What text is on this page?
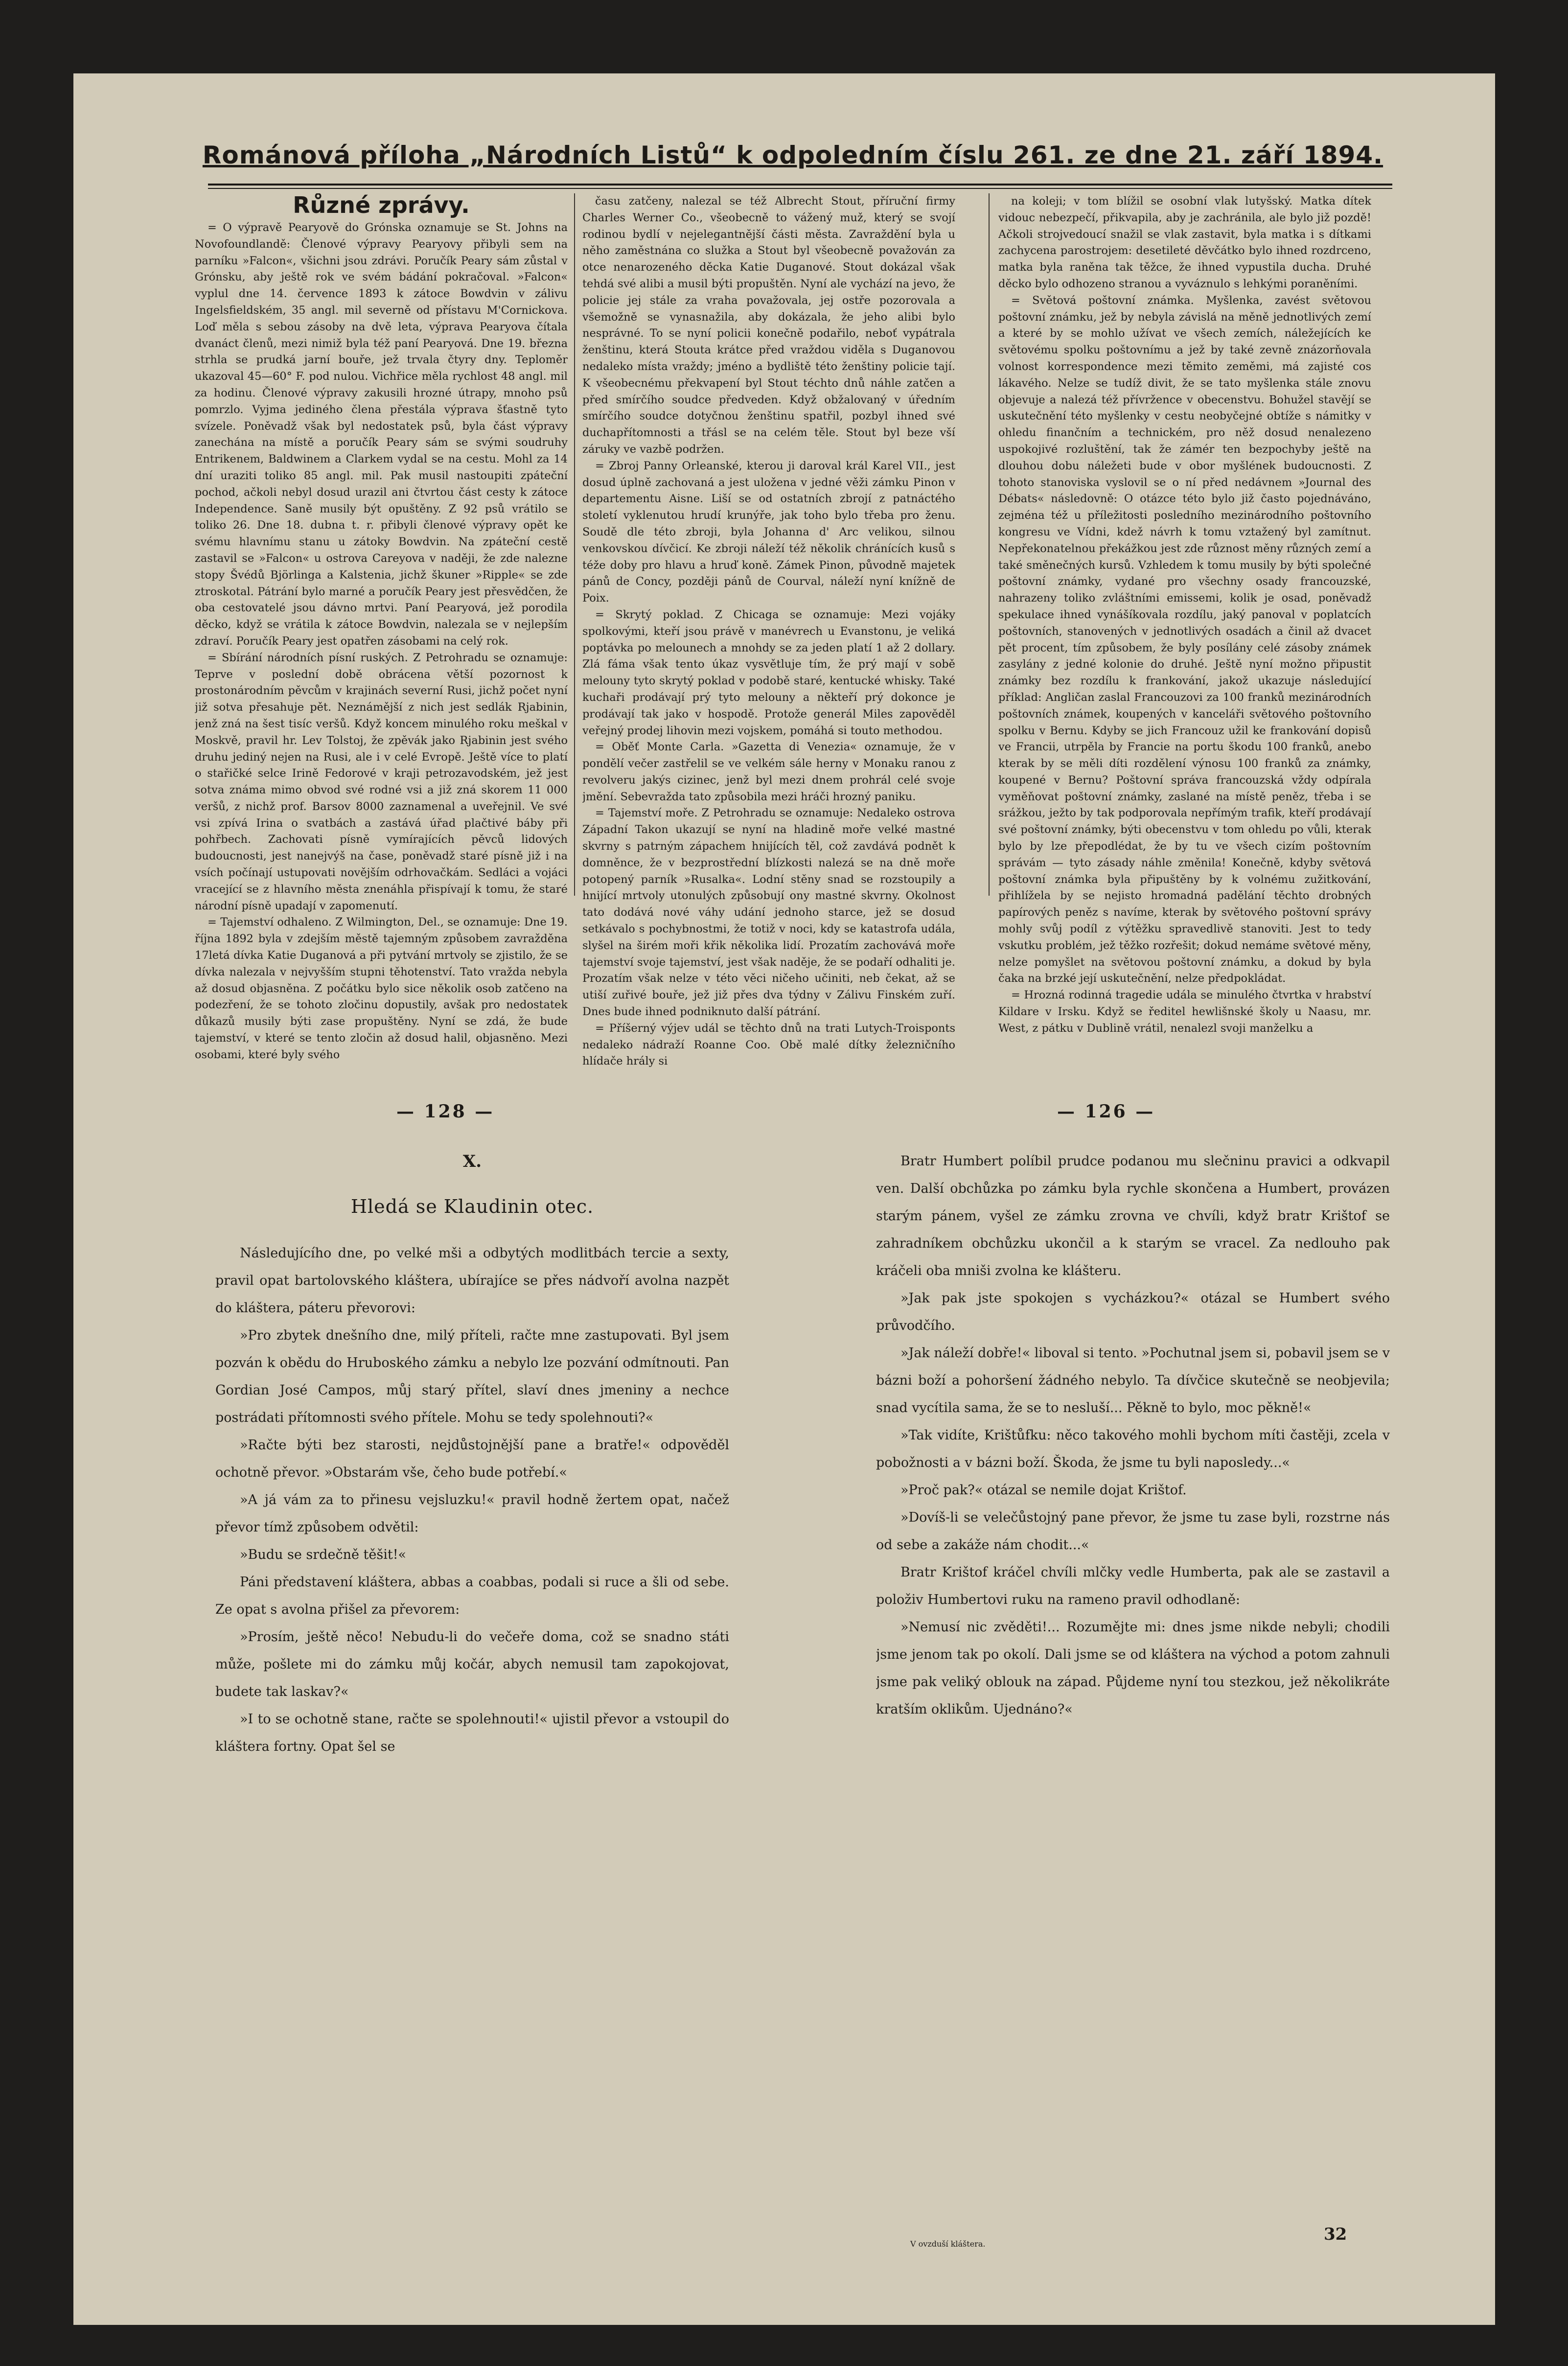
Románová příloha „Národních Listů“ k odpoledním číslu 261. ze dne 21. září 1894.
Různé zprávy.

= O výpravě Pearyově do Grónska oznamuje se St. Johns na Novofoundlandě: Členové výpravy Pearyovy přibyli sem na parníku »Falcon«, všichni jsou zdrávi. Poručík Peary sám zůstal v Grónsku, aby ještě rok ve svém bádání pokračoval. »Falcon« vyplul dne 14. července 1893 k zátoce Bowdvin v zálivu Ingelsfieldském, 35 angl. mil severně od přístavu M'Cornickova. Loď měla s sebou zásoby na dvě leta, výprava Pearyova čítala dvanáct členů, mezi nimiž byla též paní Pearyová. Dne 19. března strhla se prudká jarní bouře, jež trvala čtyry dny. Teploměr ukazoval 45—60° F. pod nulou. Vichřice měla rychlost 48 angl. mil za hodinu. Členové výpravy zakusili hrozné útrapy, mnoho psů pomrzlo. Vyjma jediného člena přestála výprava šťastně tyto svízele. Poněvadž však byl nedostatek psů, byla část výpravy zanechána na místě a poručík Peary sám se svými soudruhy Entrikenem, Baldwinem a Clarkem vydal se na cestu. Mohl za 14 dní uraziti toliko 85 angl. mil. Pak musil nastoupiti zpáteční pochod, ačkoli nebyl dosud urazil ani čtvrtou část cesty k zátoce Independence. Saně musily být opuštěny. Z 92 psů vrátilo se toliko 26. Dne 18. dubna t. r. přibyli členové výpravy opět ke svému hlavnímu stanu u zátoky Bowdvin. Na zpáteční cestě zastavil se »Falcon« u ostrova Careyova v naději, že zde nalezne stopy Švédů Björlinga a Kalstenia, jichž škuner »Ripple« se zde ztroskotal. Pátrání bylo marné a poručík Peary jest přesvědčen, že oba cestovatelé jsou dávno mrtvi. Paní Pearyová, jež porodila děcko, když se vrátila k zátoce Bowdvin, nalezala se v nejlepším zdraví. Poručík Peary jest opatřen zásobami na celý rok.

= Sbírání národních písní ruských. Z Petrohradu se oznamuje: Teprve v poslední době obrácena větší pozornost k prostonárodním pěvcům v krajinách severní Rusi, jichž počet nyní již sotva přesahuje pět. Neznámější z nich jest sedlák Rjabinin, jenž zná na šest tisíc veršů. Když koncem minulého roku meškal v Moskvě, pravil hr. Lev Tolstoj, že zpěvák jako Rjabinin jest svého druhu jediný nejen na Rusi, ale i v celé Evropě. Ještě více to platí o stařičké selce Irině Fedorové v kraji petrozavodském, jež jest sotva známa mimo obvod své rodné vsi a již zná skorem 11 000 veršů, z nichž prof. Barsov 8000 zaznamenal a uveřejnil. Ve své vsi zpívá Irina o svatbách a zastává úřad plačtivé báby při pohřbech. Zachovati písně vymírajících pěvců lidových budoucnosti, jest nanejvýš na čase, poněvadž staré písně již i na vsích počínají ustupovati novějším odrhovačkám. Sedláci a vojáci vracející se z hlavního města znenáhla přispívají k tomu, že staré národní písně upadají v zapomenutí.

= Tajemství odhaleno. Z Wilmington, Del., se oznamuje: Dne 19. října 1892 byla v zdejším městě tajemným způsobem zavražděna 17letá dívka Katie Duganová a při pytvání mrtvoly se zjistilo, že se dívka nalezala v nejvyšším stupni těhotenství. Tato vražda nebyla až dosud objasněna. Z počátku bylo sice několik osob zatčeno na podezření, že se tohoto zločinu dopustily, avšak pro nedostatek důkazů musily býti zase propuštěny. Nyní se zdá, že bude tajemství, v které se tento zločin až dosud halil, objasněno. Mezi osobami, které byly svého

času zatčeny, nalezal se též Albrecht Stout, příruční firmy Charles Werner Co., všeobecně to vážený muž, který se svojí rodinou bydlí v nejelegantnější části města. Zavraždění byla u něho zaměstnána co služka a Stout byl všeobecně považován za otce nenarozeného děcka Katie Duganové. Stout dokázal však tehdá své alibi a musil býti propuštěn. Nyní ale vychází na jevo, že policie jej stále za vraha považovala, jej ostře pozorovala a všemožně se vynasnažila, aby dokázala, že jeho alibi bylo nesprávné. To se nyní policii konečně podařilo, neboť vypátrala ženštinu, která Stouta krátce před vraždou viděla s Duganovou nedaleko místa vraždy; jméno a bydliště této ženštiny policie tají. K všeobecnému překvapení byl Stout téchto dnů náhle zatčen a před smírčího soudce předveden. Když obžalovaný v úředním smírčího soudce dotyčnou ženštinu spatřil, pozbyl ihned své duchapřítomnosti a třásl se na celém těle. Stout byl beze vší záruky ve vazbě podržen.

= Zbroj Panny Orleanské, kterou ji daroval král Karel VII., jest dosud úplně zachovaná a jest uložena v jedné věži zámku Pinon v departementu Aisne. Liší se od ostatních zbrojí z patnáctého století vyklenutou hrudí krunýře, jak toho bylo třeba pro ženu. Soudě dle této zbroji, byla Johanna d' Arc velikou, silnou venkovskou dívčicí. Ke zbroji náleží též několik chránících kusů s téže doby pro hlavu a hruď koně. Zámek Pinon, původně majetek pánů de Concy, později pánů de Courval, náleží nyní knížně de Poix.

= Skrytý poklad. Z Chicaga se oznamuje: Mezi vojáky spolkovými, kteří jsou právě v manévrech u Evanstonu, je veliká poptávka po melounech a mnohdy se za jeden platí 1 až 2 dollary. Zlá fáma však tento úkaz vysvětluje tím, že prý mají v sobě melouny tyto skrytý poklad v podobě staré, kentucké whisky. Také kuchaři prodávají prý tyto melouny a někteří prý dokonce je prodávají tak jako v hospodě. Protože generál Miles zapověděl veřejný prodej lihovin mezi vojskem, pomáhá si touto methodou.

= Oběť Monte Carla. »Gazetta di Venezia« oznamuje, že v pondělí večer zastřelil se ve velkém sále herny v Monaku ranou z revolveru jakýs cizinec, jenž byl mezi dnem prohrál celé svoje jmění. Sebevražda tato způsobila mezi hráči hrozný paniku.

= Tajemství moře. Z Petrohradu se oznamuje: Nedaleko ostrova Západní Takon ukazují se nyní na hladině moře velké mastné skvrny s patrným zápachem hnijících těl, což zavdává podnět k domněnce, že v bezprostřední blízkosti nalezá se na dně moře potopený parník »Rusalka«. Lodní stěny snad se rozstoupily a hnijící mrtvoly utonulých způsobují ony mastné skvrny. Okolnost tato dodává nové váhy udání jednoho starce, jež se dosud setkávalo s pochybnostmi, že totiž v noci, kdy se katastrofa udála, slyšel na širém moři křik několika lidí. Prozatím zachovává moře tajemství svoje tajemství, jest však naděje, že se podaří odhaliti je. Prozatím však nelze v této věci ničeho učiniti, neb čekat, až se utiší zuřivé bouře, jež již přes dva týdny v Zálivu Finském zuří. Dnes bude ihned podniknuto další pátrání.

= Příšerný výjev udál se těchto dnů na trati Lutych-Troisponts nedaleko nádraží Roanne Coo. Obě malé dítky železničního hlídače hrály si

na koleji; v tom blížil se osobní vlak lutyšský. Matka dítek vidouc nebezpečí, přikvapila, aby je zachránila, ale bylo již pozdě! Ačkoli strojvedoucí snažil se vlak zastavit, byla matka i s dítkami zachycena parostrojem: desetileté děvčátko bylo ihned rozdrceno, matka byla raněna tak těžce, že ihned vypustila ducha. Druhé děcko bylo odhozeno stranou a vyváznulo s lehkými poraněními.

= Světová poštovní známka. Myšlenka, zavést světovou poštovní známku, jež by nebyla závislá na měně jednotlivých zemí a které by se mohlo užívat ve všech zemích, náležejících ke světovému spolku poštovnímu a jež by také zevně znázorňovala volnost korrespondence mezi těmito zeměmi, má zajisté cos lákavého. Nelze se tudíž divit, že se tato myšlenka stále znovu objevuje a nalezá též přívržence v obecenstvu. Bohužel stavějí se uskutečnění této myšlenky v cestu neobyčejné obtíže s námitky v ohledu finančním a technickém, pro něž dosud nenalezeno uspokojivé rozluštění, tak že zámér ten bezpochyby ještě na dlouhou dobu náležeti bude v obor myšlének budoucnosti. Z tohoto stanoviska vyslovil se o ní před nedávnem »Journal des Débats« následovně: O otázce této bylo již často pojednáváno, zejména též u příležitosti posledního mezinárodního poštovního kongresu ve Vídni, kdež návrh k tomu vztažený byl zamítnut. Nepřekonatelnou překážkou jest zde různost měny různých zemí a také směnečných kursů. Vzhledem k tomu musily by býti společné poštovní známky, vydané pro všechny osady francouzské, nahrazeny toliko zvláštními emissemi, kolik je osad, poněvadž spekulace ihned vynášíkovala rozdílu, jaký panoval v poplatcích poštovních, stanovených v jednotlivých osadách a činil až dvacet pět procent, tím způsobem, že byly posílány celé zásoby známek zasylány z jedné kolonie do druhé. Ještě nyní možno připustit známky bez rozdílu k frankování, jakož ukazuje následující příklad: Angličan zaslal Francouzovi za 100 franků mezinárodních poštovních známek, koupených v kanceláři světového poštovního spolku v Bernu. Kdyby se jich Francouz užil ke frankování dopisů ve Francii, utrpěla by Francie na portu škodu 100 franků, anebo kterak by se měli díti rozdělení výnosu 100 franků za známky, koupené v Bernu? Poštovní správa francouzská vždy odpírala vyměňovat poštovní známky, zaslané na místě peněz, třeba i se srážkou, ježto by tak podporovala nepřímým trafik, kteří prodávají své poštovní známky, býti obecenstvu v tom ohledu po vůli, kterak bylo by lze přepodlédat, že by tu ve všech cizím poštovním správám — tyto zásady náhle změnila! Konečně, kdyby světová poštovní známka byla připuštěny by k volnému zužitkování, přihlížela by se nejisto hromadná padělání těchto drobných papírových peněz s navíme, kterak by světového poštovní správy mohly svůj podíl z výtěžku spravedlivě stanoviti. Jest to tedy vskutku problém, jež těžko rozřešit; dokud nemáme světové měny, nelze pomyšlet na světovou poštovní známku, a dokud by byla čaka na brzké její uskutečnění, nelze předpokládat.

= Hrozná rodinná tragedie udála se minulého čtvrtka v hrabství Kildare v Irsku. Když se ředitel hewlišnské školy u Naasu, mr. West, z pátku v Dublině vrátil, nenalezl svoji manželku a

— 128 —	— 126 —
X.
Hledá se Klaudinin otec.

Následujícího dne, po velké mši a odbytých modlitbách tercie a sexty, pravil opat bartolovského kláštera, ubírajíce se přes nádvoří avolna nazpět do kláštera, páteru převorovi:

»Pro zbytek dnešního dne, milý příteli, račte mne zastupovati. Byl jsem pozván k obědu do Hruboského zámku a nebylo lze pozvání odmítnouti. Pan Gordian José Campos, můj starý přítel, slaví dnes jmeniny a nechce postrádati přítomnosti svého přítele. Mohu se tedy spolehnouti?«

»Račte býti bez starosti, nejdůstojnější pane a bratře!« odpověděl ochotně převor. »Obstarám vše, čeho bude potřebí.«

»A já vám za to přinesu vejsluzku!« pravil hodně žertem opat, načež převor tímž způsobem odvětil:

»Budu se srdečně těšit!«

Páni představení kláštera, abbas a coabbas, podali si ruce a šli od sebe. Ze opat s avolna přišel za převorem:

»Prosím, ještě něco! Nebudu-li do večeře doma, což se snadno státi může, pošlete mi do zámku můj kočár, abych nemusil tam zapokojovat, budete tak laskav?«

»I to se ochotně stane, račte se spolehnouti!« ujistil převor a vstoupil do kláštera fortny. Opat šel se

Bratr Humbert políbil prudce podanou mu slečninu pravici a odkvapil ven. Další obchůzka po zámku byla rychle skončena a Humbert, provázen starým pánem, vyšel ze zámku zrovna ve chvíli, když bratr Krištof se zahradníkem obchůzku ukončil a k starým se vracel. Za nedlouho pak kráčeli oba mniši zvolna ke klášteru.

»Jak pak jste spokojen s vycházkou?« otázal se Humbert svého průvodčího.

»Jak náleží dobře!« liboval si tento. »Pochutnal jsem si, pobavil jsem se v bázni boží a pohoršení žádného nebylo. Ta dívčice skutečně se neobjevila; snad vycítila sama, že se to nesluší... Pěkně to bylo, moc pěkně!«

»Tak vidíte, Krištůfku: něco takového mohli bychom míti častěji, zcela v pobožnosti a v bázni boží. Škoda, že jsme tu byli naposledy...«

»Proč pak?« otázal se nemile dojat Krištof.

»Dovíš-li se velečůstojný pane převor, že jsme tu zase byli, rozstrne nás od sebe a zakáže nám chodit...«

Bratr Krištof kráčel chvíli mlčky vedle Humberta, pak ale se zastavil a položiv Humbertovi ruku na rameno pravil odhodlaně:

»Nemusí nic zvěděti!... Rozumějte mi: dnes jsme nikde nebyli; chodili jsme jenom tak po okolí. Dali jsme se od kláštera na východ a potom zahnuli jsme pak veliký oblouk na západ. Půjdeme nyní tou stezkou, jež několikráte kratším oklikům. Ujednáno?«

V ovzduší kláštera.	32
